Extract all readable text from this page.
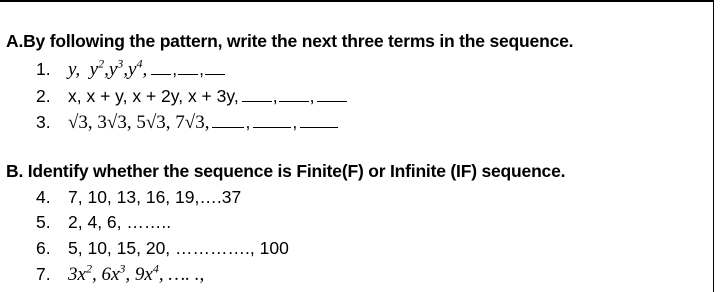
A.By following the pattern, write the next three terms in the sequence.
1. y, $y^2,y^3,y^4$, , ,
2. x, x + y, x + 2y, x + 3y, , ,
3. √3, 3√3, 5√3, 7√3, , ,
B. Identify whether the sequence is Finite(F) or Infinite (IF) sequence.
4. 7, 10, 13, 16, 19,….37
5. 2, 4, 6, ……..
6. 5, 10, 15, 20, …………., 100
7. $3x^2$, $6x^3$, $9x^4$, …. .,
